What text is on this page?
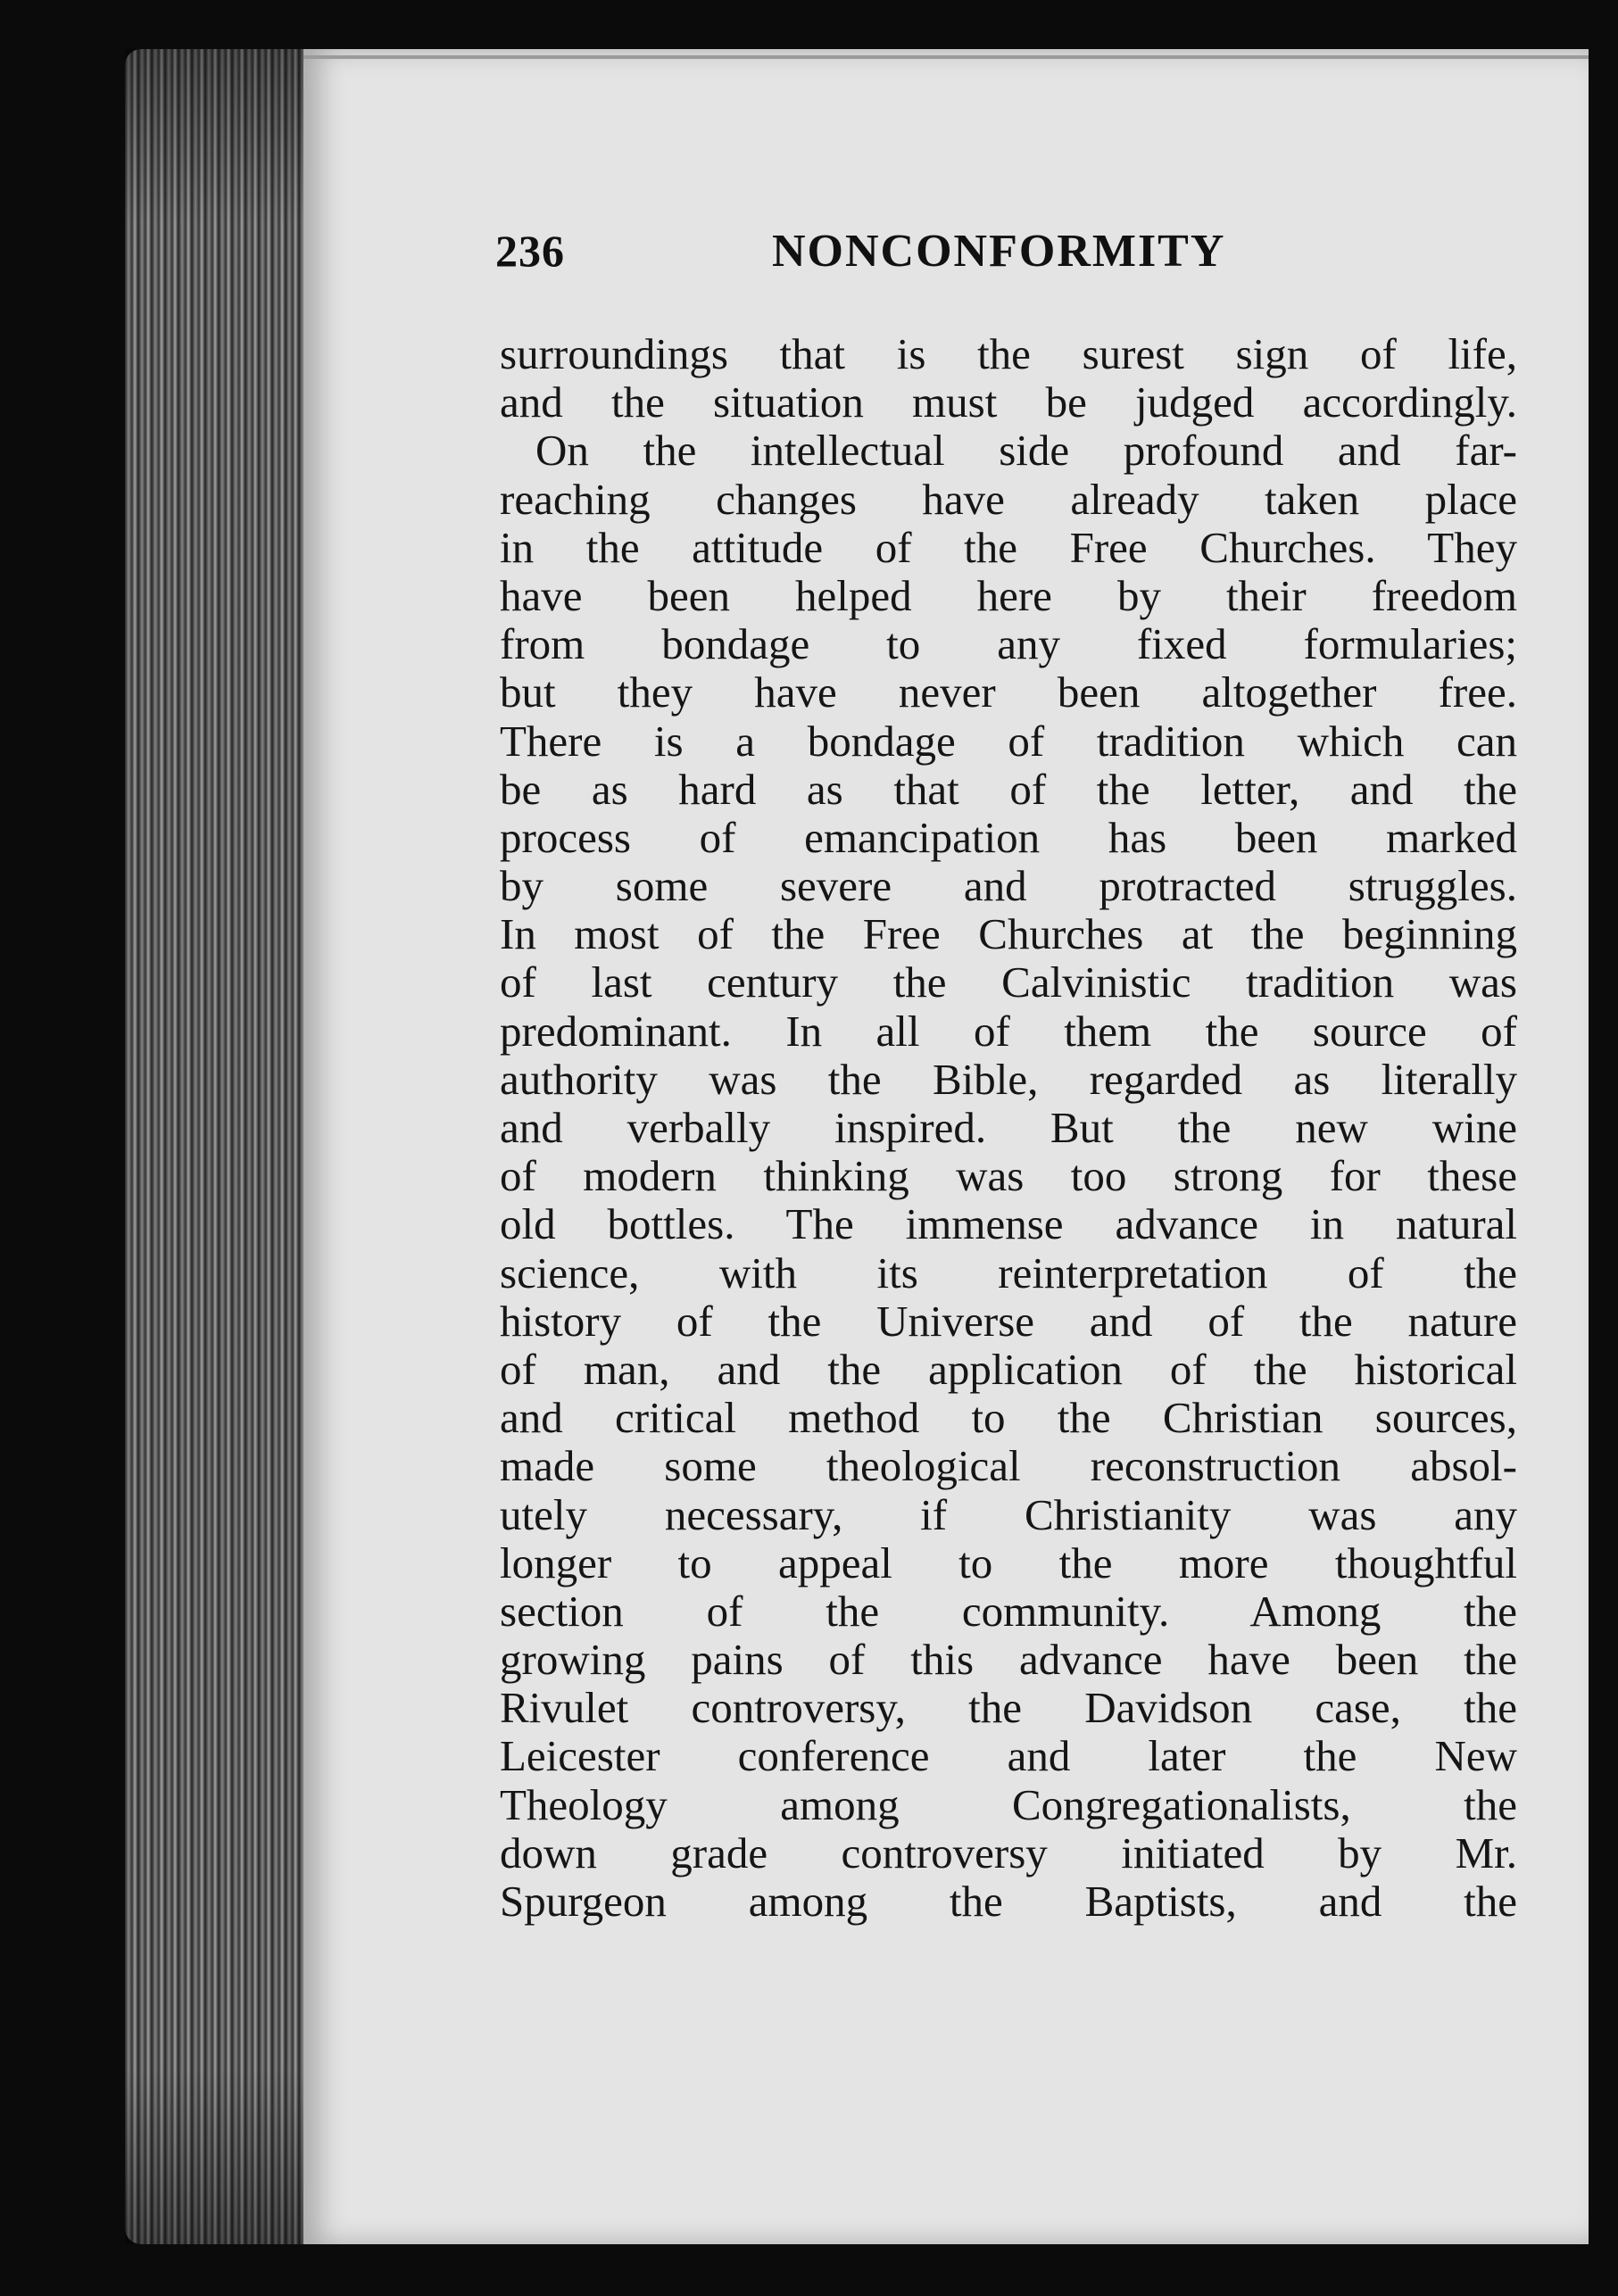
236	NONCONFORMITY
surroundings that is the surest sign of life,
and the situation must be judged accordingly.
On the intellectual side profound and far-
reaching changes have already taken place
in the attitude of the Free Churches. They
have been helped here by their freedom
from bondage to any fixed formularies;
but they have never been altogether free.
There is a bondage of tradition which can
be as hard as that of the letter, and the
process of emancipation has been marked
by some severe and protracted struggles.
In most of the Free Churches at the beginning
of last century the Calvinistic tradition was
predominant. In all of them the source of
authority was the Bible, regarded as literally
and verbally inspired. But the new wine
of modern thinking was too strong for these
old bottles. The immense advance in natural
science, with its reinterpretation of the
history of the Universe and of the nature
of man, and the application of the historical
and critical method to the Christian sources,
made some theological reconstruction absol-
utely necessary, if Christianity was any
longer to appeal to the more thoughtful
section of the community. Among the
growing pains of this advance have been the
Rivulet controversy, the Davidson case, the
Leicester conference and later the New
Theology among Congregationalists, the
down grade controversy initiated by Mr.
Spurgeon among the Baptists, and the
